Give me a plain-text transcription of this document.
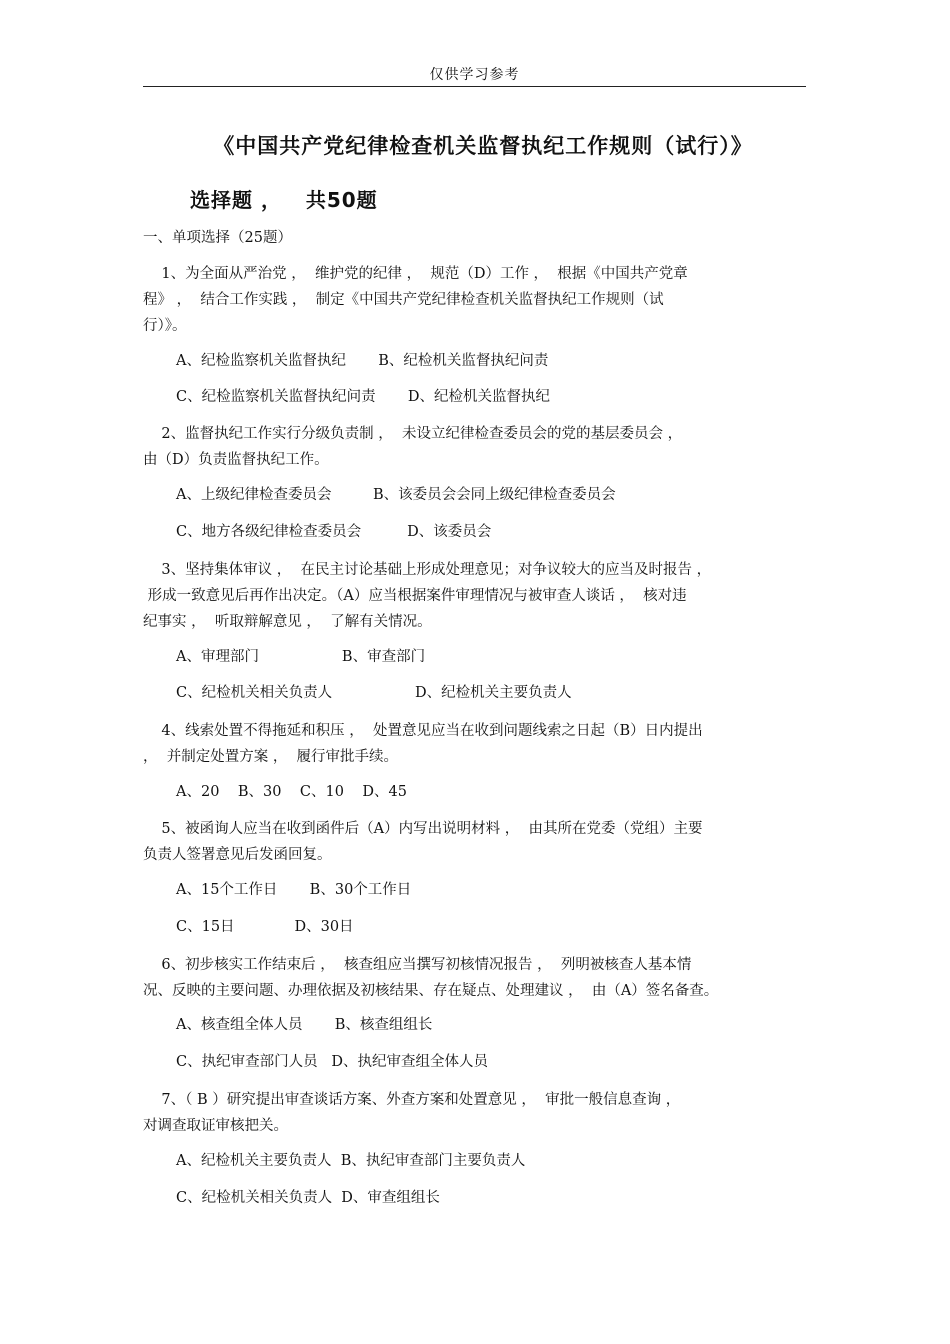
仅供学习参考
《中国共产党纪律检查机关监督执纪工作规则（试行）》
选择题 ，   共50题
一、单项选择（25题）
1、为全面从严治党 ，  维护党的纪律 ，  规范（D）工作 ，  根据《中国共产党章
程》 ，  结合工作实践 ，  制定《中国共产党纪律检查机关监督执纪工作规则（试
行）》。
A、纪检监察机关监督执纪       B、纪检机关监督执纪问责
C、纪检监察机关监督执纪问责       D、纪检机关监督执纪
2、监督执纪工作实行分级负责制 ，  未设立纪律检查委员会的党的基层委员会 ，
由（D）负责监督执纪工作。
A、上级纪律检查委员会         B、该委员会会同上级纪律检查委员会
C、地方各级纪律检查委员会          D、该委员会
3、坚持集体审议 ，  在民主讨论基础上形成处理意见；对争议较大的应当及时报告 ，
形成一致意见后再作出决定。（A）应当根据案件审理情况与被审查人谈话 ，  核对违
纪事实 ，  听取辩解意见 ，  了解有关情况。
A、审理部门                  B、审查部门
C、纪检机关相关负责人                  D、纪检机关主要负责人
4、线索处置不得拖延和积压 ，  处置意见应当在收到问题线索之日起（B）日内提出
，  并制定处置方案 ，  履行审批手续。
A、20    B、30    C、10    D、45
5、被函询人应当在收到函件后（A）内写出说明材料 ，  由其所在党委（党组）主要
负责人签署意见后发函回复。
A、15个工作日       B、30个工作日
C、15日             D、30日
6、初步核实工作结束后 ，  核查组应当撰写初核情况报告 ，  列明被核查人基本情
况、反映的主要问题、办理依据及初核结果、存在疑点、处理建议 ，  由（A）签名备查。
A、核查组全体人员       B、核查组组长
C、执纪审查部门人员   D、执纪审查组全体人员
7、（ B ）研究提出审查谈话方案、外查方案和处置意见 ，  审批一般信息查询 ，
对调查取证审核把关。
A、纪检机关主要负责人  B、执纪审查部门主要负责人
C、纪检机关相关负责人  D、审查组组长
